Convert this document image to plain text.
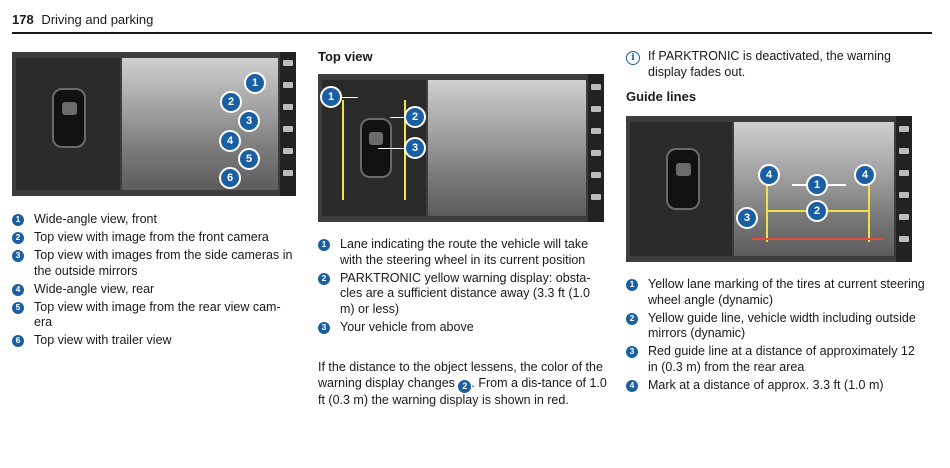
178 Driving and parking
1
2
3
4
5
6
1 Wide-angle view, front
2 Top view with image from the front camera
3 Top view with images from the side cameras in the outside mirrors
4 Wide-angle view, rear
5 Top view with image from the rear view cam-era
6 Top view with trailer view
Top view
1
2
3
1 Lane indicating the route the vehicle will take with the steering wheel in its current position
2 PARKTRONIC yellow warning display: obsta-cles are a sufficient distance away (3.3 ft (1.0 m) or less)
3 Your vehicle from above

If the distance to the object lessens, the color of the warning display changes 2 . From a dis-tance of 1.0 ft (0.3 m) the warning display is shown in red.

i	If PARKTRONIC is deactivated, the warning display fades out.
Guide lines
1
2
3
4	4
1 Yellow lane marking of the tires at current steering wheel angle (dynamic)
2 Yellow guide line, vehicle width including outside mirrors (dynamic)
3 Red guide line at a distance of approximately 12 in (0.3 m) from the rear area
4 Mark at a distance of approx. 3.3 ft (1.0 m)
